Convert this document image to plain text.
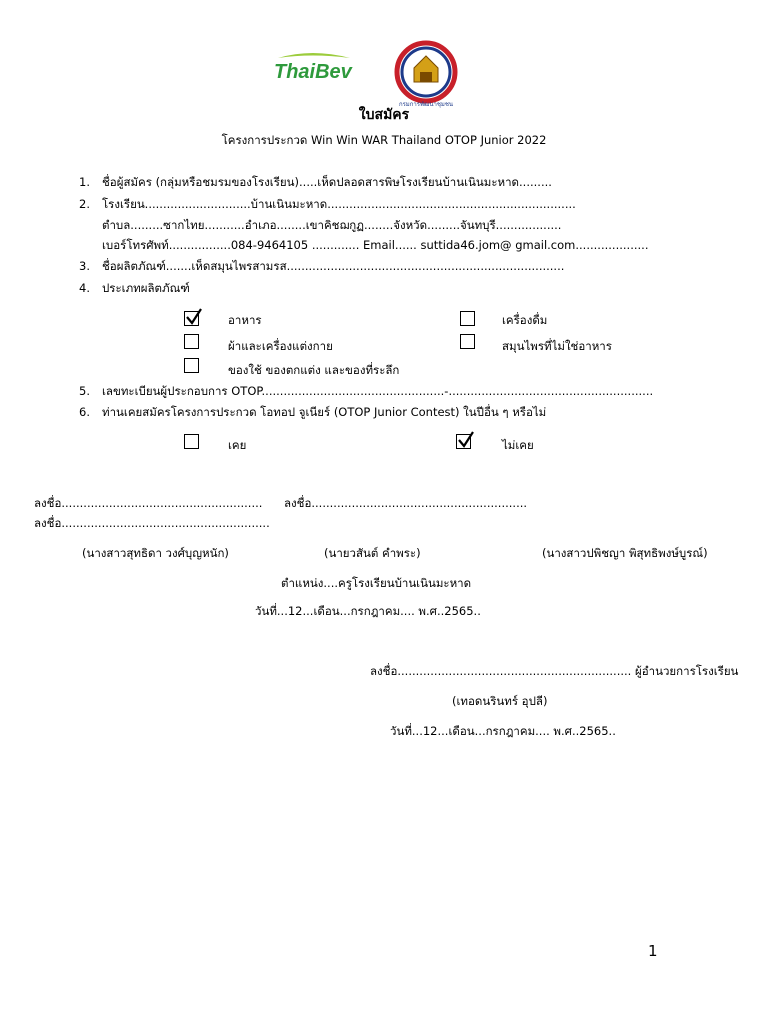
ThaiBev
กรมการพัฒนาชุมชน
ใบสมัคร
โครงการประกวด Win Win WAR Thailand OTOP Junior 2022
1. ชื่อผู้สมัคร (กลุ่มหรือชมรมของโรงเรียน).....เห็ดปลอดสารพิษโรงเรียนบ้านเนินมะหาด.........
2. โรงเรียน.............................บ้านเนินมะหาด....................................................................
ตำบล.........ซากไทย...........อำเภอ........เขาคิชฌกูฏ........จังหวัด.........จันทบุรี..................
เบอร์โทรศัพท์.................084-9464105 ............. Email...... suttida46.jom@ gmail.com....................
3. ชื่อผลิตภัณฑ์.......เห็ดสมุนไพรสามรส............................................................................
4. ประเภทผลิตภัณฑ์
อาหาร	เครื่องดื่ม
ผ้าและเครื่องแต่งกาย	สมุนไพรที่ไม่ใช่อาหาร
ของใช้ ของตกแต่ง และของที่ระลึก
5. เลขทะเบียนผู้ประกอบการ OTOP..................................................-........................................................
6. ท่านเคยสมัครโครงการประกวด โอทอป จูเนียร์ (OTOP Junior Contest) ในปีอื่น ๆ หรือไม่
เคย	ไม่เคย
ลงชื่อ....................................................... ลงชื่อ...........................................................
ลงชื่อ.........................................................
(นางสาวสุทธิดา วงศ์บุญหนัก)	(นายวสันต์ คำพระ)	(นางสาวปพิชญา พิสุทธิพงษ์บูรณ์)
ตำแหน่ง....ครูโรงเรียนบ้านเนินมะหาด
วันที่...12...เดือน...กรกฎาคม.... พ.ศ..2565..
ลงชื่อ................................................................ ผู้อำนวยการโรงเรียน
(เทอดนรินทร์ อุปลี)
วันที่...12...เดือน...กรกฎาคม.... พ.ศ..2565..
1
